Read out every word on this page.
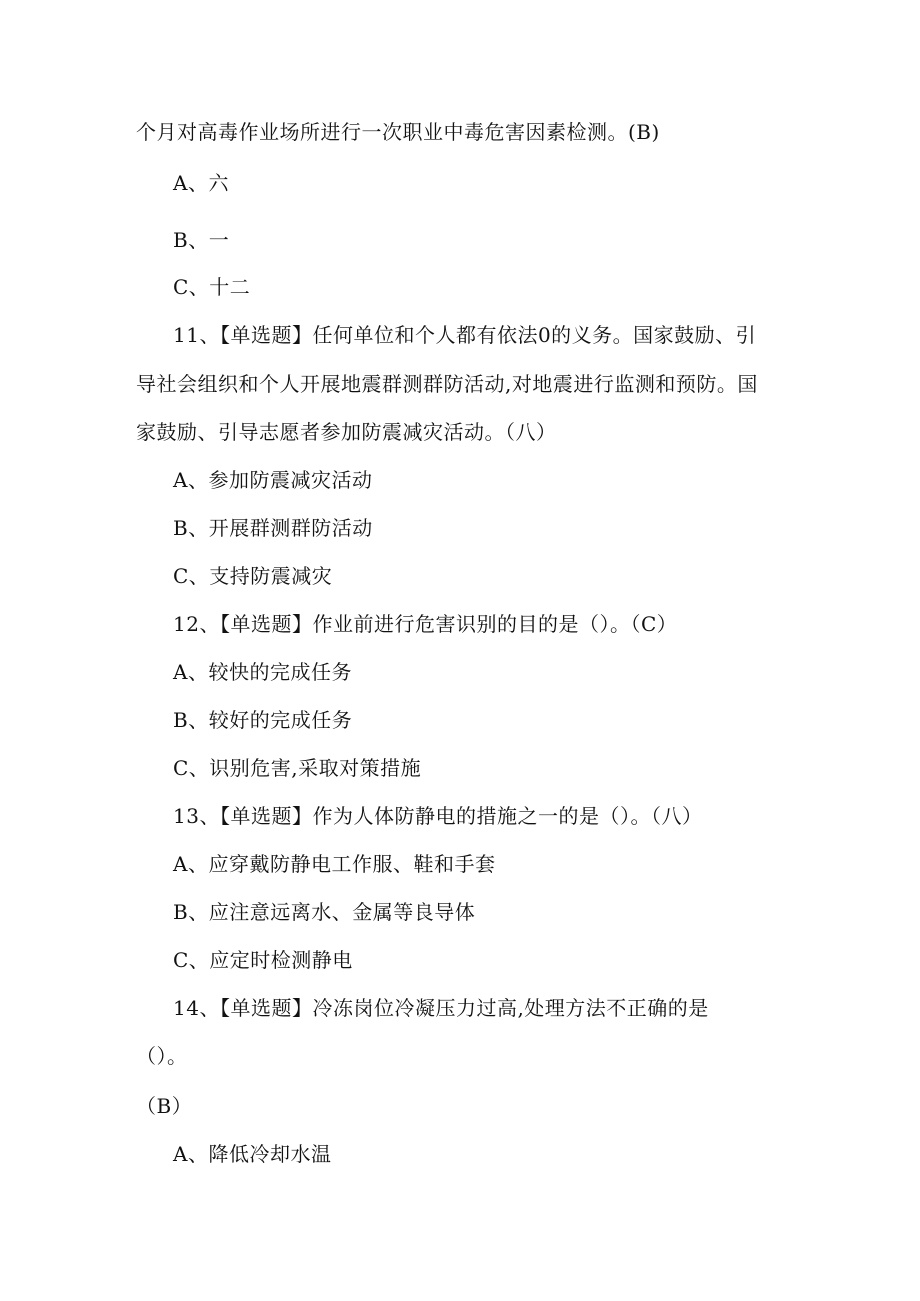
个月对高毒作业场所进行一次职业中毒危害因素检测。(B)
A、六
B、一
C、十二
11、【单选题】任何单位和个人都有依法0的义务。国家鼓励、引
导社会组织和个人开展地震群测群防活动,对地震进行监测和预防。国
家鼓励、引导志愿者参加防震减灾活动。（八）
A、参加防震减灾活动
B、开展群测群防活动
C、支持防震减灾
12、【单选题】作业前进行危害识别的目的是（）。（C）
A、较快的完成任务
B、较好的完成任务
C、识别危害,采取对策措施
13、【单选题】作为人体防静电的措施之一的是（）。（八）
A、应穿戴防静电工作服、鞋和手套
B、应注意远离水、金属等良导体
C、应定时检测静电
14、【单选题】冷冻岗位冷凝压力过高,处理方法不正确的是
（）。
（B）
A、降低冷却水温
